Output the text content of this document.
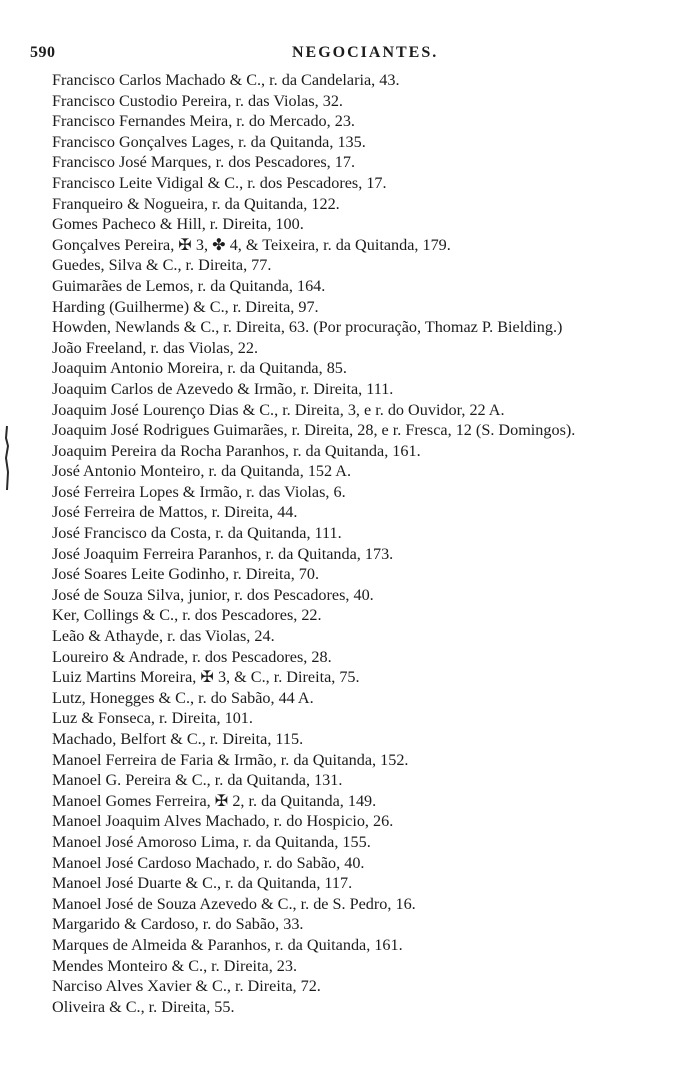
590	NEGOCIANTES.
Francisco Carlos Machado & C., r. da Candelaria, 43.
Francisco Custodio Pereira, r. das Violas, 32.
Francisco Fernandes Meira, r. do Mercado, 23.
Francisco Gonçalves Lages, r. da Quitanda, 135.
Francisco José Marques, r. dos Pescadores, 17.
Francisco Leite Vidigal & C., r. dos Pescadores, 17.
Franqueiro & Nogueira, r. da Quitanda, 122.
Gomes Pacheco & Hill, r. Direita, 100.
Gonçalves Pereira, ✠ 3, ✤ 4, & Teixeira, r. da Quitanda, 179.
Guedes, Silva & C., r. Direita, 77.
Guimarães de Lemos, r. da Quitanda, 164.
Harding (Guilherme) & C., r. Direita, 97.
Howden, Newlands & C., r. Direita, 63. (Por procuração, Thomaz P. Bielding.)
João Freeland, r. das Violas, 22.
Joaquim Antonio Moreira, r. da Quitanda, 85.
Joaquim Carlos de Azevedo & Irmão, r. Direita, 111.
Joaquim José Lourenço Dias & C., r. Direita, 3, e r. do Ouvidor, 22 A.
Joaquim José Rodrigues Guimarães, r. Direita, 28, e r. Fresca, 12 (S. Domingos).
Joaquim Pereira da Rocha Paranhos, r. da Quitanda, 161.
José Antonio Monteiro, r. da Quitanda, 152 A.
José Ferreira Lopes & Irmão, r. das Violas, 6.
José Ferreira de Mattos, r. Direita, 44.
José Francisco da Costa, r. da Quitanda, 111.
José Joaquim Ferreira Paranhos, r. da Quitanda, 173.
José Soares Leite Godinho, r. Direita, 70.
José de Souza Silva, junior, r. dos Pescadores, 40.
Ker, Collings & C., r. dos Pescadores, 22.
Leão & Athayde, r. das Violas, 24.
Loureiro & Andrade, r. dos Pescadores, 28.
Luiz Martins Moreira, ✠ 3, & C., r. Direita, 75.
Lutz, Honegges & C., r. do Sabão, 44 A.
Luz & Fonseca, r. Direita, 101.
Machado, Belfort & C., r. Direita, 115.
Manoel Ferreira de Faria & Irmão, r. da Quitanda, 152.
Manoel G. Pereira & C., r. da Quitanda, 131.
Manoel Gomes Ferreira, ✠ 2, r. da Quitanda, 149.
Manoel Joaquim Alves Machado, r. do Hospicio, 26.
Manoel José Amoroso Lima, r. da Quitanda, 155.
Manoel José Cardoso Machado, r. do Sabão, 40.
Manoel José Duarte & C., r. da Quitanda, 117.
Manoel José de Souza Azevedo & C., r. de S. Pedro, 16.
Margarido & Cardoso, r. do Sabão, 33.
Marques de Almeida & Paranhos, r. da Quitanda, 161.
Mendes Monteiro & C., r. Direita, 23.
Narciso Alves Xavier & C., r. Direita, 72.
Oliveira & C., r. Direita, 55.
